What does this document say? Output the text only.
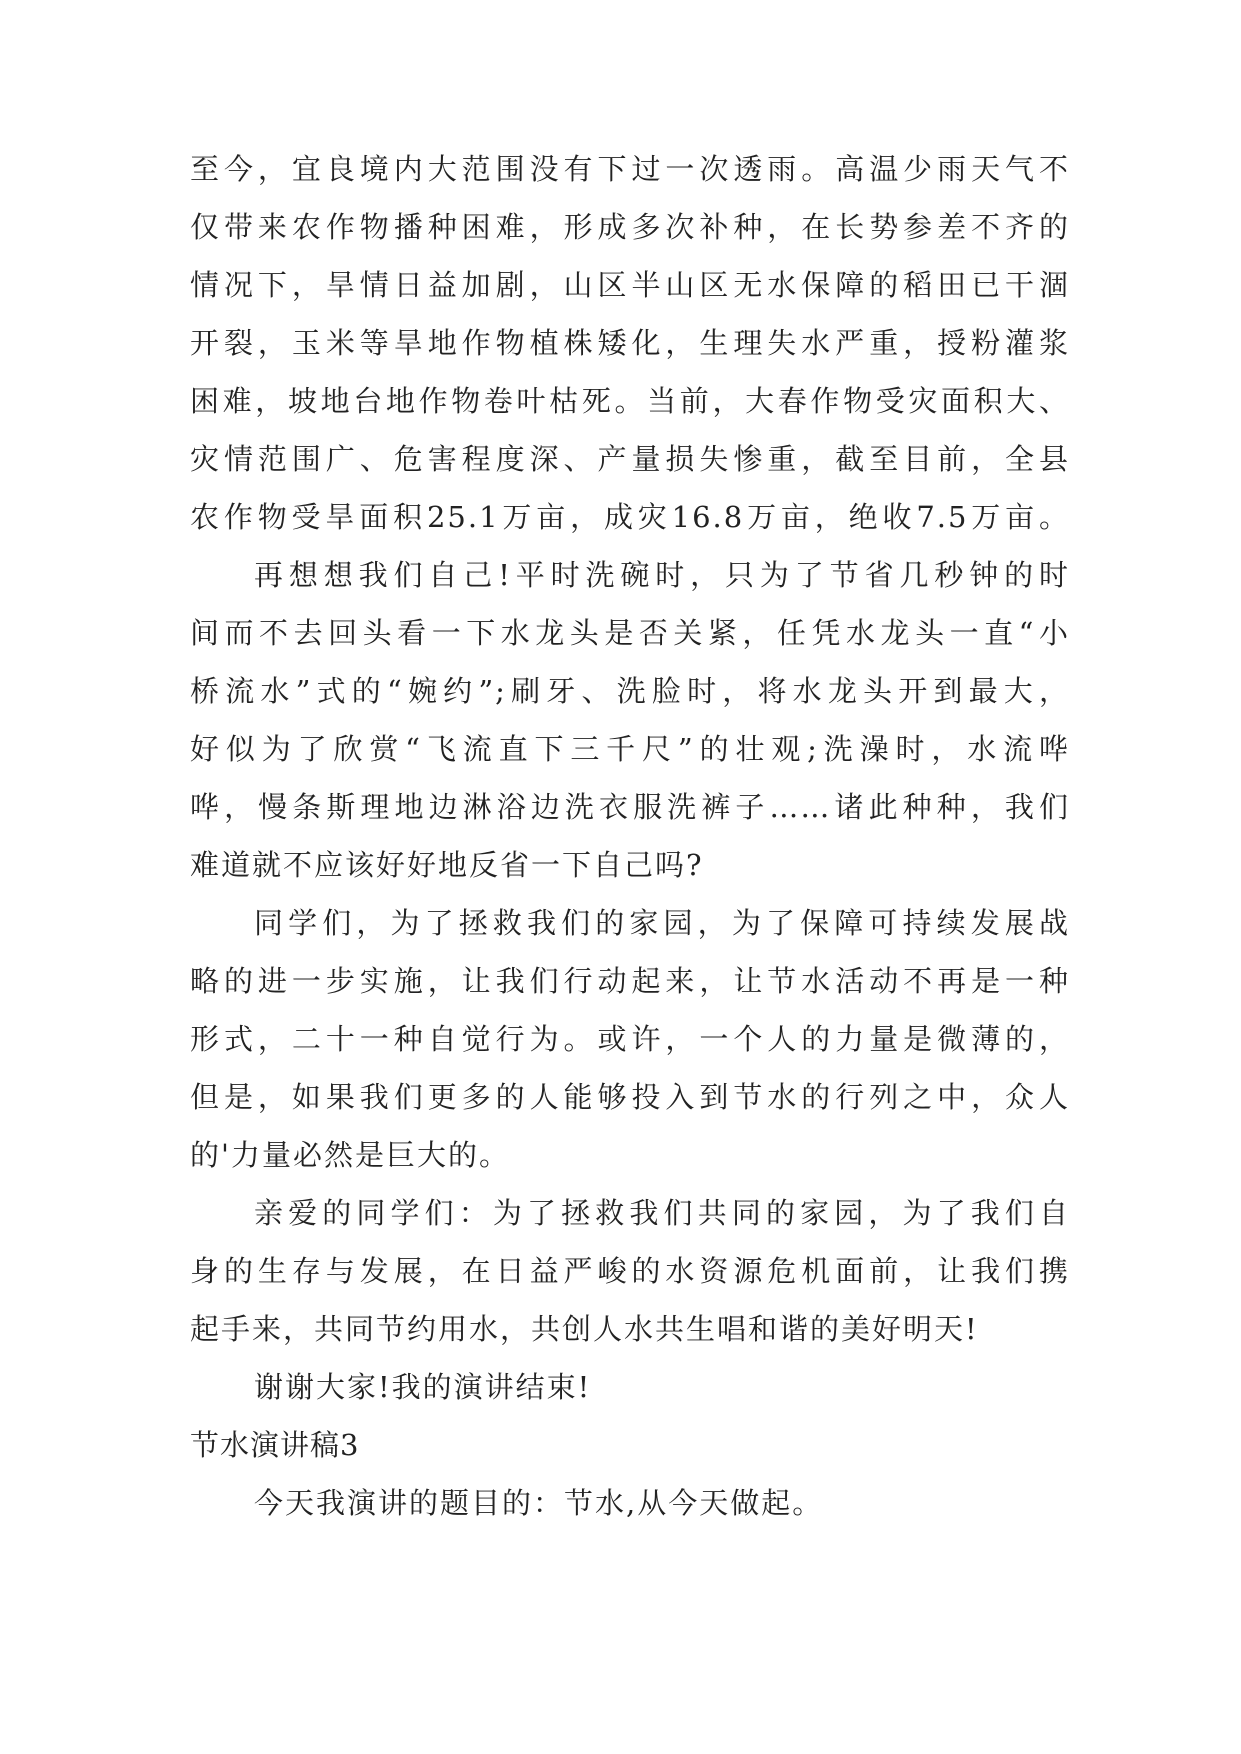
至今，宜良境内大范围没有下过一次透雨。高温少雨天气不
仅带来农作物播种困难，形成多次补种，在长势参差不齐的
情况下，旱情日益加剧，山区半山区无水保障的稻田已干涸
开裂，玉米等旱地作物植株矮化，生理失水严重，授粉灌浆
困难，坡地台地作物卷叶枯死。当前，大春作物受灾面积大、
灾情范围广、危害程度深、产量损失惨重，截至目前，全县
农作物受旱面积25.1万亩，成灾16.8万亩，绝收7.5万亩。
再想想我们自己!平时洗碗时，只为了节省几秒钟的时
间而不去回头看一下水龙头是否关紧，任凭水龙头一直“小
桥流水”式的“婉约”;刷牙、洗脸时，将水龙头开到最大，
好似为了欣赏“飞流直下三千尺”的壮观;洗澡时，水流哗
哗，慢条斯理地边淋浴边洗衣服洗裤子……诸此种种，我们
难道就不应该好好地反省一下自己吗?
同学们，为了拯救我们的家园，为了保障可持续发展战
略的进一步实施，让我们行动起来，让节水活动不再是一种
形式，二十一种自觉行为。或许，一个人的力量是微薄的，
但是，如果我们更多的人能够投入到节水的行列之中，众人
的'力量必然是巨大的。
亲爱的同学们：为了拯救我们共同的家园，为了我们自
身的生存与发展，在日益严峻的水资源危机面前，让我们携
起手来，共同节约用水，共创人水共生唱和谐的美好明天!
谢谢大家!我的演讲结束!
节水演讲稿3
今天我演讲的题目的：节水,从今天做起。
